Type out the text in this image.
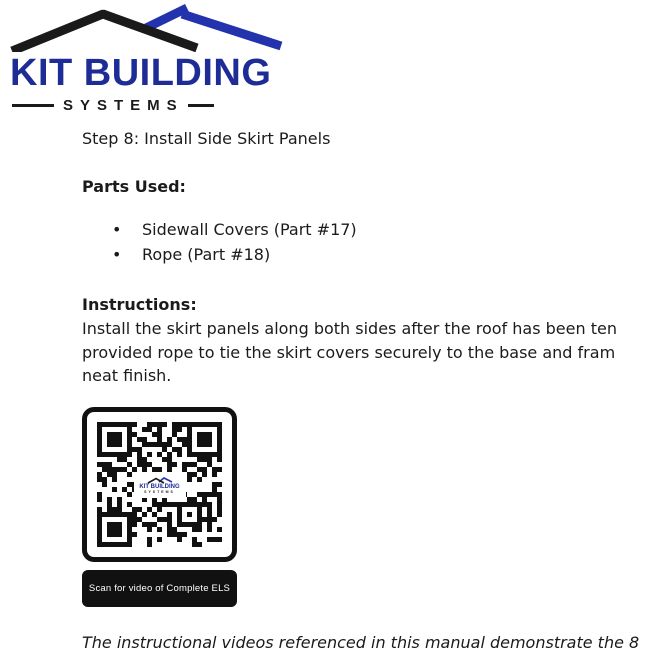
KIT BUILDING
SYSTEMS
Step 8: Install Side Skirt Panels
Parts Used:
•	Sidewall Covers (Part #17)
•	Rope (Part #18)
Instructions:
Install the skirt panels along both sides after the roof has been ten
provided rope to tie the skirt covers securely to the base and fram
neat finish.
KIT BUILDING
SYSTEMS
Scan for video of Complete ELS
The instructional videos referenced in this manual demonstrate the 8
